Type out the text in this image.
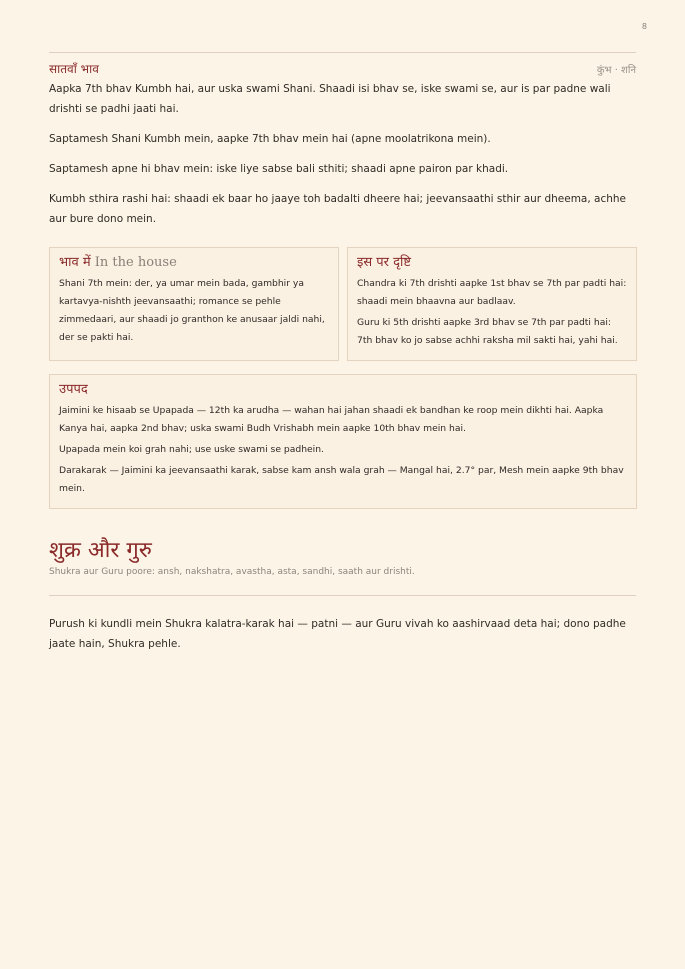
8
सातवाँ भाव	कुंभ · शनि

Aapka 7th bhav Kumbh hai, aur uska swami Shani. Shaadi isi bhav se, iske swami se, aur is par padne wali drishti se padhi jaati hai.

Saptamesh Shani Kumbh mein, aapke 7th bhav mein hai (apne moolatrikona mein).

Saptamesh apne hi bhav mein: iske liye sabse bali sthiti; shaadi apne pairon par khadi.

Kumbh sthira rashi hai: shaadi ek baar ho jaaye toh badalti dheere hai; jeevansaathi sthir aur dheema, achhe aur bure dono mein.

भाव में In the house

Shani 7th mein: der, ya umar mein bada, gambhir ya kartavya-nishth jeevansaathi; romance se pehle zimmedaari, aur shaadi jo granthon ke anusaar jaldi nahi, der se pakti hai.

इस पर दृष्टि

Chandra ki 7th drishti aapke 1st bhav se 7th par padti hai: shaadi mein bhaavna aur badlaav.

Guru ki 5th drishti aapke 3rd bhav se 7th par padti hai: 7th bhav ko jo sabse achhi raksha mil sakti hai, yahi hai.

उपपद

Jaimini ke hisaab se Upapada — 12th ka arudha — wahan hai jahan shaadi ek bandhan ke roop mein dikhti hai. Aapka Kanya hai, aapka 2nd bhav; uska swami Budh Vrishabh mein aapke 10th bhav mein hai.

Upapada mein koi grah nahi; use uske swami se padhein.

Darakarak — Jaimini ka jeevansaathi karak, sabse kam ansh wala grah — Mangal hai, 2.7° par, Mesh mein aapke 9th bhav mein.

शुक्र और गुरु
Shukra aur Guru poore: ansh, nakshatra, avastha, asta, sandhi, saath aur drishti.

Purush ki kundli mein Shukra kalatra-karak hai — patni — aur Guru vivah ko aashirvaad deta hai; dono padhe jaate hain, Shukra pehle.
